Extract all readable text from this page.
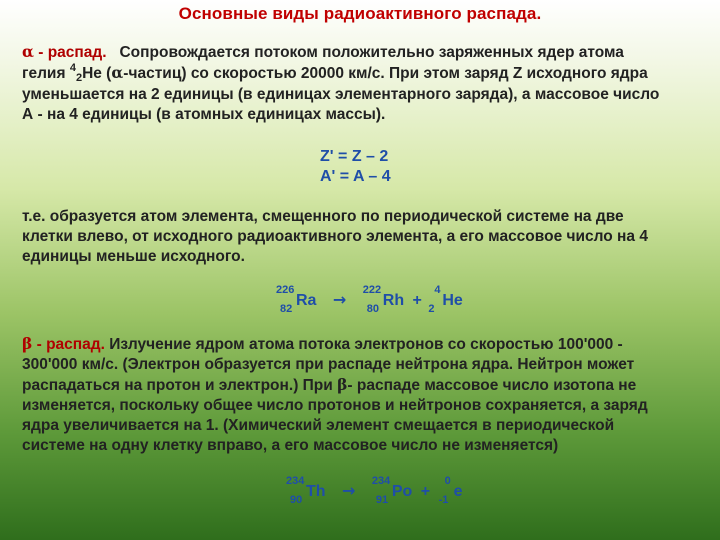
Основные виды радиоактивного распада.
α - распад. Сопровождается потоком положительно заряженных ядер атома
гелия $^4$2He (α-частиц) со скоростью 20000 км/с. При этом заряд Z исходного ядра
уменьшается на 2 единицы (в единицах элементарного заряда), а массовое число
А - на 4 единицы (в атомных единицах массы).
Z' = Z – 2
A' = A – 4
т.е. образуется атом элемента, смещенного по периодической системе на две
клетки влево, от исходного радиоактивного элемента, а его массовое число на 4
единицы меньше исходного.
226
82 Ra → 222
80 Rh +
4
2 He
β - распад. Излучение ядром атома потока электронов со скоростью 100'000 -
300'000 км/с. (Электрон образуется при распаде нейтрона ядра. Нейтрон может
распадаться на протон и электрон.) При β- распаде массовое число изотопа не
изменяется, поскольку общее число протонов и нейтронов сохраняется, а заряд
ядра увеличивается на 1. (Химический элемент смещается в периодической
системе на одну клетку вправо, а его массовое число не изменяется)
234
90 Th → 234
91 Po +
0
-1 e
